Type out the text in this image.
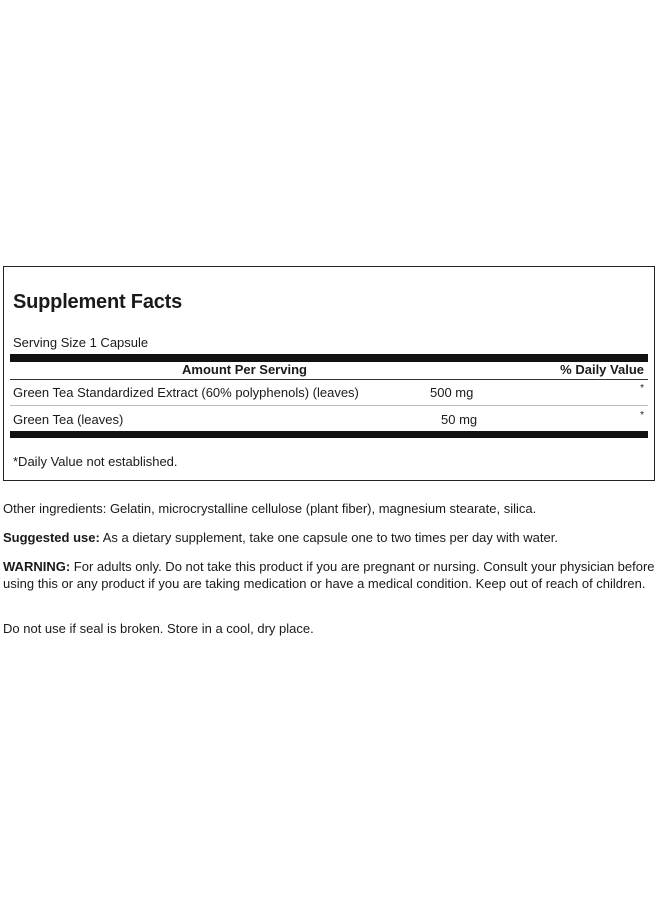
Supplement Facts
Serving Size 1 Capsule
Amount Per Serving	% Daily Value
Green Tea Standardized Extract (60% polyphenols) (leaves)	500 mg	*
Green Tea (leaves)	50 mg	*
*Daily Value not established.
Other ingredients: Gelatin, microcrystalline cellulose (plant fiber), magnesium stearate, silica.
Suggested use: As a dietary supplement, take one capsule one to two times per day with water.
WARNING: For adults only. Do not take this product if you are pregnant or nursing. Consult your physician before using this or any product if you are taking medication or have a medical condition. Keep out of reach of children.
Do not use if seal is broken. Store in a cool, dry place.
